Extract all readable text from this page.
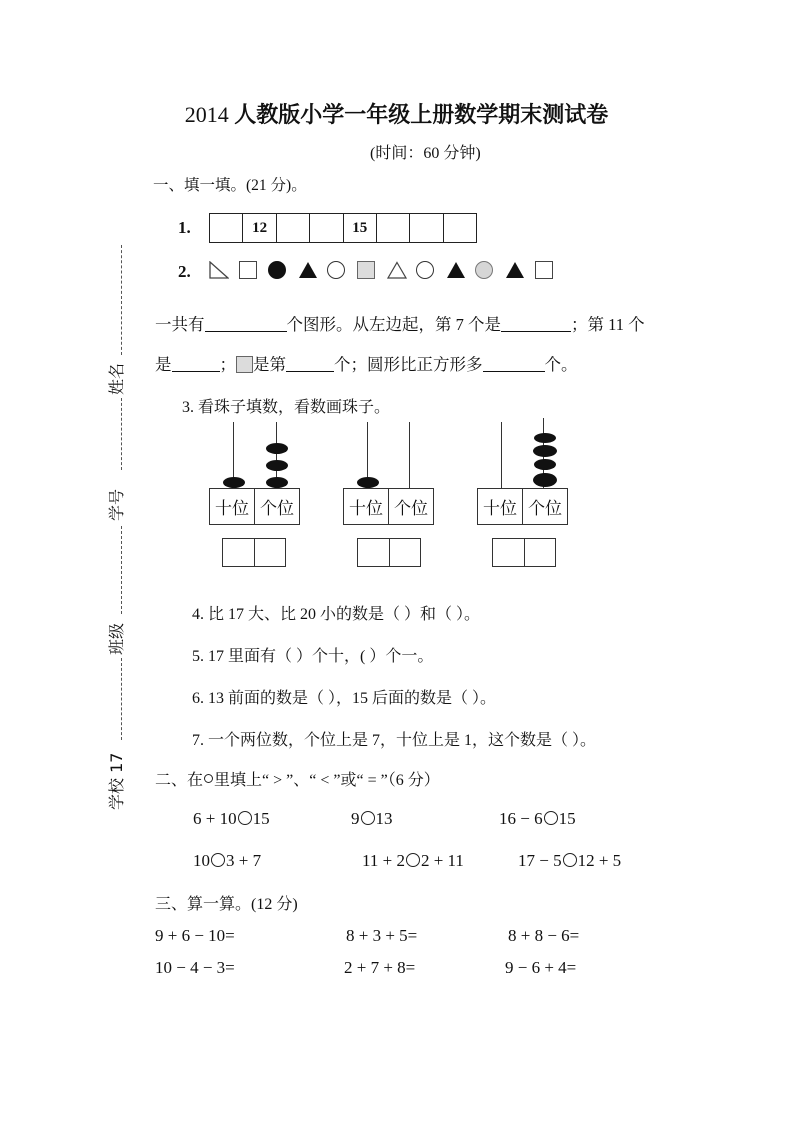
2014 人教版小学一年级上册数学期末测试卷
(时间：60 分钟)
姓名
学号
班级
学校 17
一、填一填。(21 分)。
1.	12	15
2.
一共有	个图形。从左边起，第 7 个是	；第 11 个
是	； 是第	个；圆形比正方形多	个。
3. 看珠子填数，看数画珠子。
十位 个位	十位 个位	十位 个位
4. 比 17 大、比 20 小的数是（ ）和（ ）。
5. 17 里面有（ ）个十，( ）个一。
6. 13 前面的数是（ ），15 后面的数是（ ）。
7. 一个两位数，个位上是 7，十位上是 1，这个数是（ ）。
二、在 里填上“ > ”、“ < ”或“ = ”（6 分）
6 + 10 15	9 13	16 − 6 15
10 3 + 7	11 + 2 2 + 11	17 − 5 12 + 5
三、算一算。(12 分)
9 + 6 − 10=	8 + 3 + 5=	8 + 8 − 6=
10 − 4 − 3=	2 + 7 + 8=	9 − 6 + 4=
